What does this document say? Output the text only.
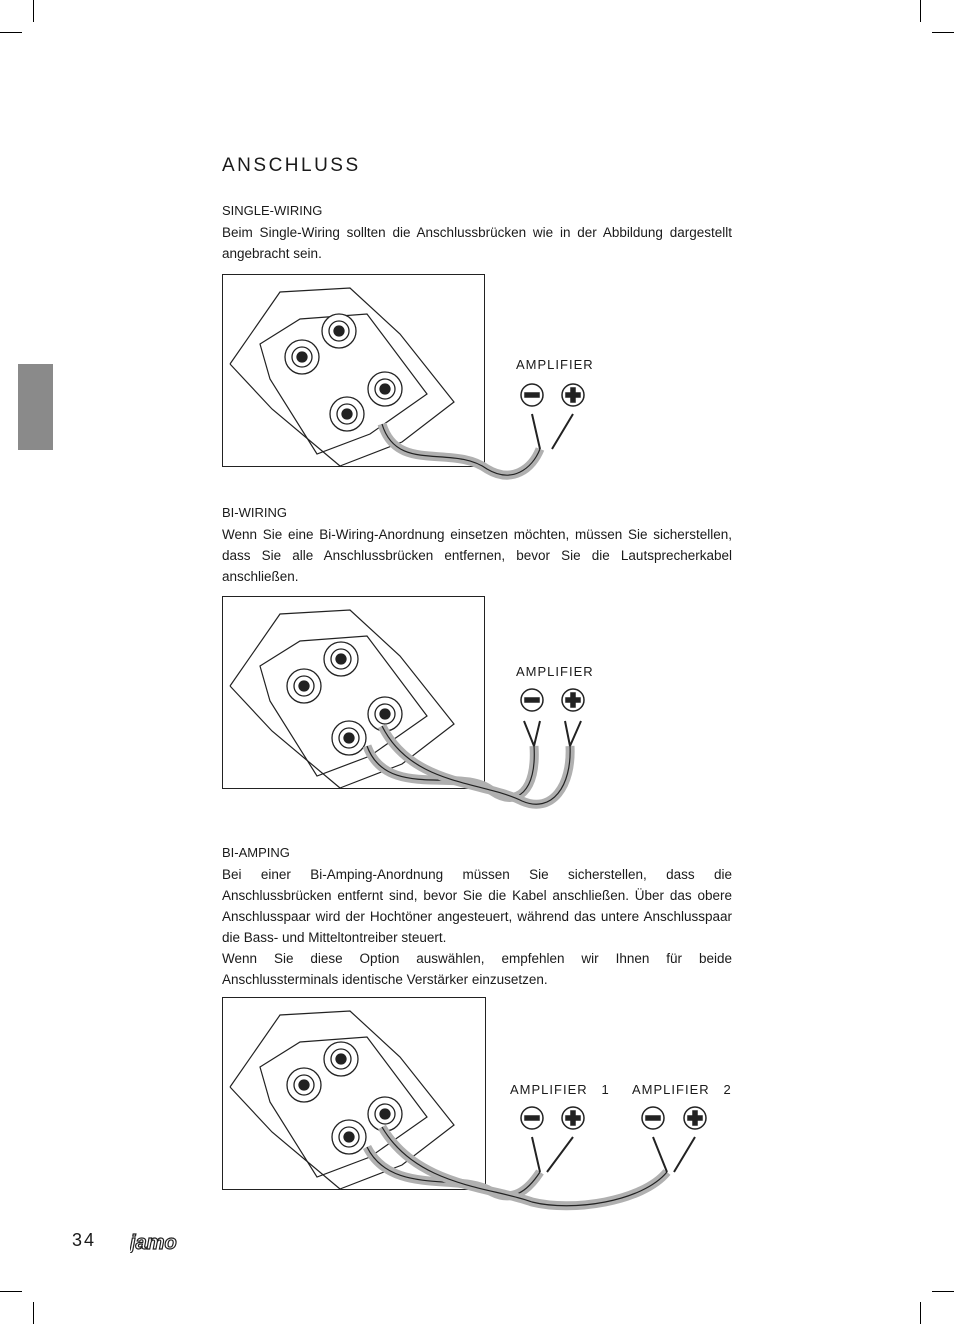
ANSCHLUSS

SINGLE-WIRING

Beim Single-Wiring sollten die Anschlussbrücken wie in der Abbildung dargestellt angebracht sein.

AMPLIFIER

BI-WIRING

Wenn Sie eine Bi-Wiring-Anordnung einsetzen möchten, müssen Sie sicherstellen, dass Sie alle Anschlussbrücken entfernen, bevor Sie die Lautsprecherkabel anschließen.

AMPLIFIER

BI-AMPING

Bei einer Bi-Amping-Anordnung müssen Sie sicherstellen, dass die Anschlussbrücken entfernt sind, bevor Sie die Kabel anschließen. Über das obere Anschlusspaar wird der Hochtöner angesteuert, während das untere Anschlusspaar die Bass- und Mitteltontreiber steuert.

Wenn Sie diese Option auswählen, empfehlen wir Ihnen für beide Anschlussterminals identische Verstärker einzusetzen.

AMPLIFIER   1 AMPLIFIER   2
34 jamo
